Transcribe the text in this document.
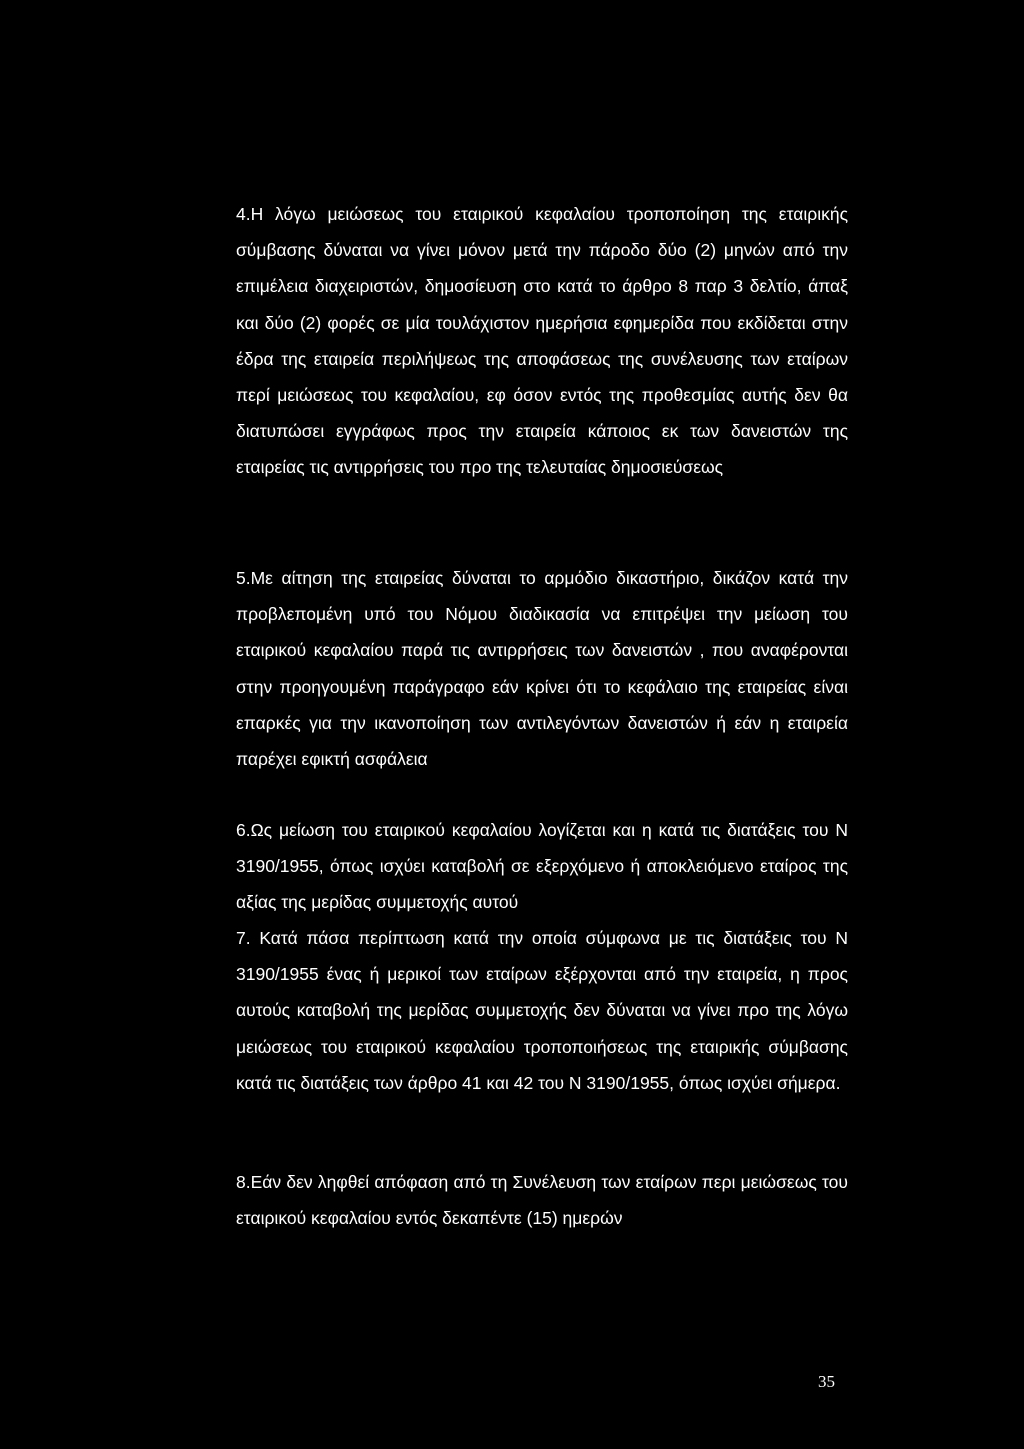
4.Η λόγω μειώσεως του εταιρικού κεφαλαίου τροποποίηση της εταιρικής σύμβασης δύναται να γίνει μόνον μετά την πάροδο δύο (2) μηνών από την επιμέλεια διαχειριστών, δημοσίευση στο κατά το άρθρο 8 παρ 3 δελτίο, άπαξ και δύο (2) φορές σε μία τουλάχιστον ημερήσια εφημερίδα που εκδίδεται στην έδρα της εταιρεία περιλήψεως της αποφάσεως της συνέλευσης των εταίρων περί μειώσεως του κεφαλαίου, εφ όσον εντός της προθεσμίας αυτής δεν θα διατυπώσει εγγράφως προς την εταιρεία κάποιος εκ των δανειστών της εταιρείας τις αντιρρήσεις του προ της τελευταίας δημοσιεύσεως

5.Με αίτηση της εταιρείας δύναται το αρμόδιο δικαστήριο, δικάζον κατά την προβλεπομένη υπό του Νόμου διαδικασία να επιτρέψει την μείωση του εταιρικού κεφαλαίου παρά τις αντιρρήσεις των δανειστών , που αναφέρονται στην προηγουμένη παράγραφο εάν κρίνει ότι το κεφάλαιο της εταιρείας είναι επαρκές για την ικανοποίηση των αντιλεγόντων δανειστών ή εάν η εταιρεία παρέχει εφικτή ασφάλεια

6.Ως μείωση του εταιρικού κεφαλαίου λογίζεται και η κατά τις διατάξεις του Ν 3190/1955, όπως ισχύει καταβολή σε εξερχόμενο ή αποκλειόμενο εταίρος της αξίας της μερίδας συμμετοχής αυτού

7. Κατά πάσα περίπτωση κατά την οποία σύμφωνα με τις διατάξεις του Ν 3190/1955 ένας ή μερικοί των εταίρων εξέρχονται από την εταιρεία, η προς αυτούς καταβολή της μερίδας συμμετοχής δεν δύναται να γίνει προ της λόγω μειώσεως του εταιρικού κεφαλαίου τροποποιήσεως της εταιρικής σύμβασης κατά τις διατάξεις των άρθρο 41 και 42 του Ν 3190/1955, όπως ισχύει σήμερα.

8.Εάν δεν ληφθεί απόφαση από τη Συνέλευση των εταίρων περι μειώσεως του εταιρικού κεφαλαίου εντός δεκαπέντε (15) ημερών

35
